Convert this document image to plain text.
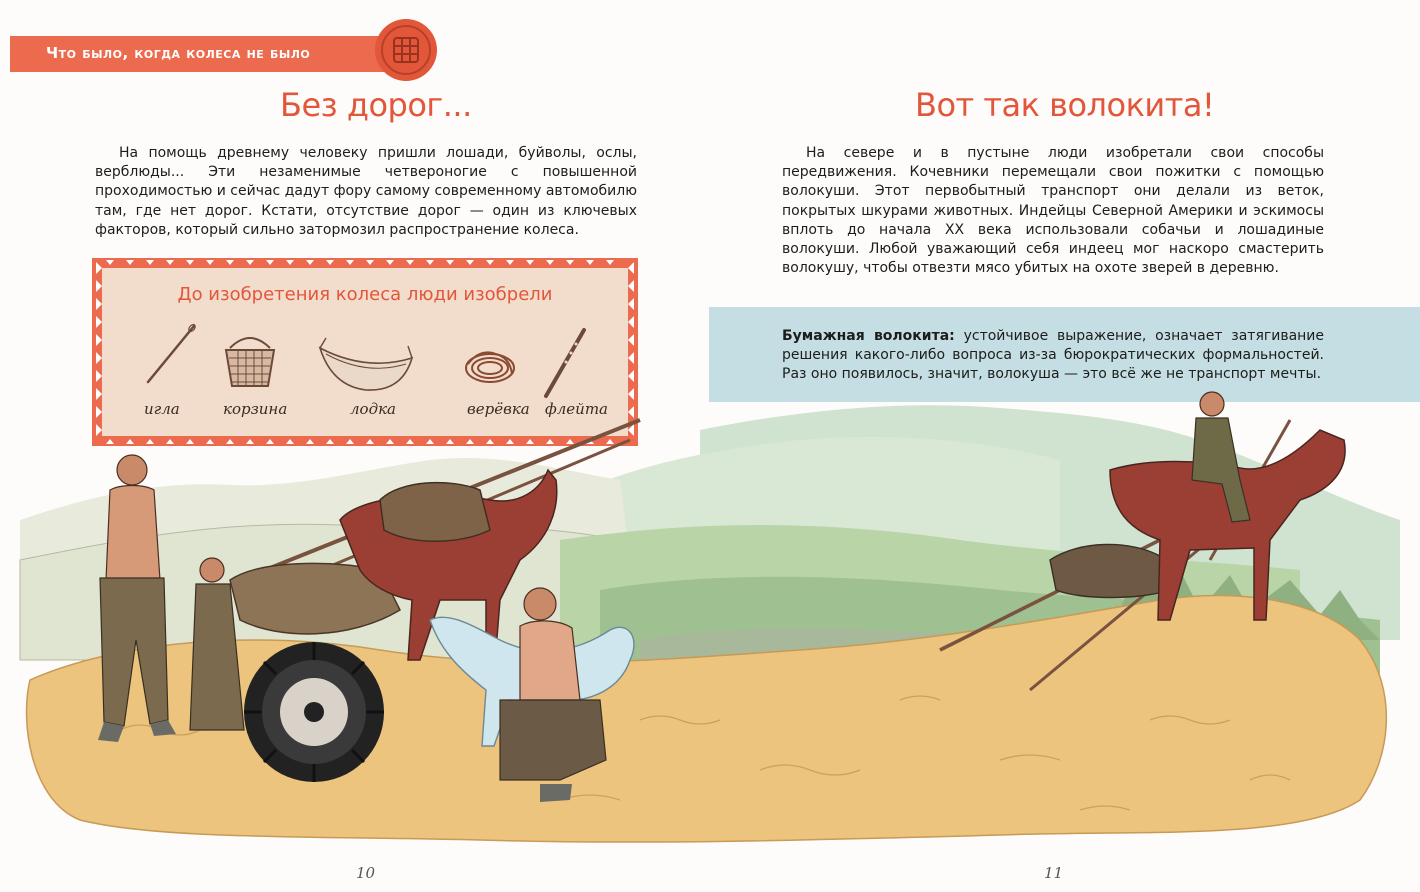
Что было, когда колеса не было
Без дорог...

На помощь древнему человеку пришли лошади, буйволы, ослы, верблюды... Эти незаменимые четвероногие с повышенной проходимостью и сейчас дадут фору самому современному автомобилю там, где нет дорог. Кстати, отсутствие дорог — один из ключевых факторов, который сильно затормозил распространение колеса.

До изобретения колеса люди изобрели
игла	корзина	лодка	верёвка флейта
Вот так волокита!

На севере и в пустыне люди изобретали свои способы передвижения. Кочевники перемещали свои пожитки с помощью волокуши. Этот первобытный транспорт они делали из веток, покрытых шкурами животных. Индейцы Северной Америки и эскимосы вплоть до начала XX века использовали собачьи и лошадиные волокуши. Любой уважающий себя индеец мог наскоро смастерить волокушу, чтобы отвезти мясо убитых на охоте зверей в деревню.

Бумажная волокита: устойчивое выражение, означает затягивание решения какого-либо вопроса из-за бюрократических формальностей. Раз оно появилось, значит, волокуша — это всё же не транспорт мечты.

10	11
